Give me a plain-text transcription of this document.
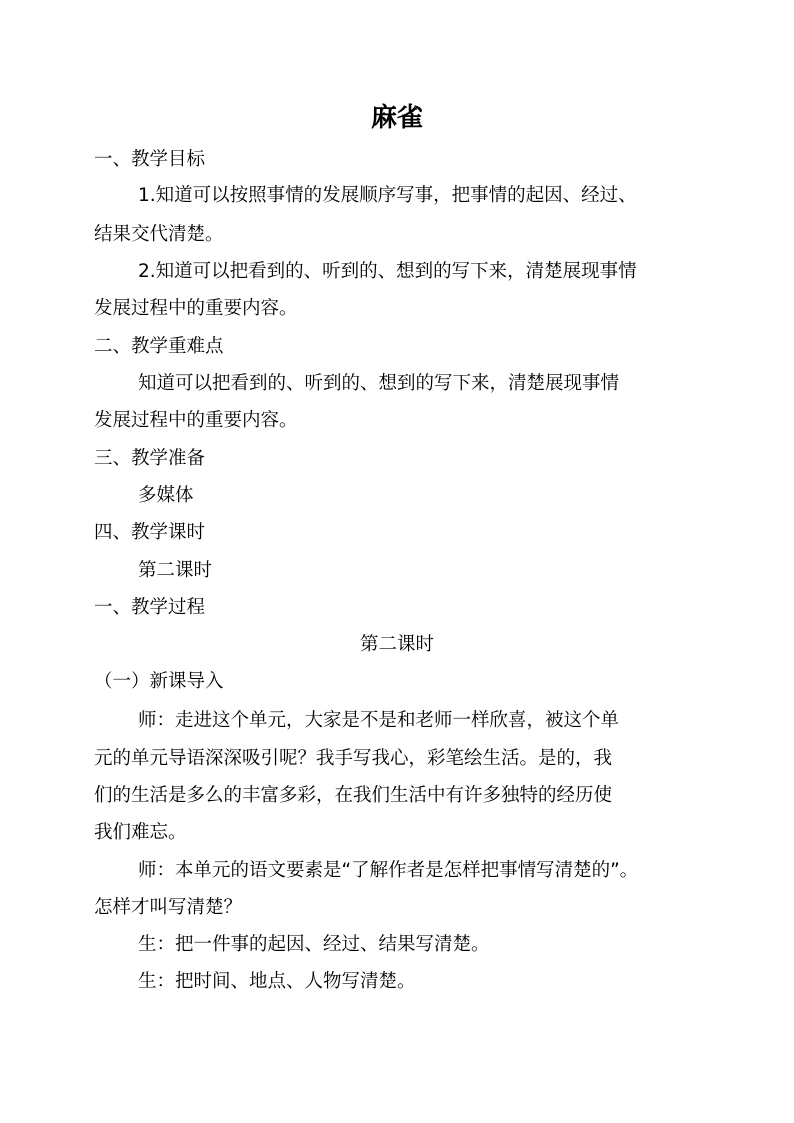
麻雀
一、教学目标
1.知道可以按照事情的发展顺序写事，把事情的起因、经过、
结果交代清楚。
2.知道可以把看到的、听到的、想到的写下来，清楚展现事情
发展过程中的重要内容。
二、教学重难点
知道可以把看到的、听到的、想到的写下来，清楚展现事情
发展过程中的重要内容。
三、教学准备
多媒体
四、教学课时
第二课时
一、教学过程
第二课时
（一）新课导入
师：走进这个单元，大家是不是和老师一样欣喜，被这个单
元的单元导语深深吸引呢？我手写我心，彩笔绘生活。是的，我
们的生活是多么的丰富多彩，在我们生活中有许多独特的经历使
我们难忘。
师：本单元的语文要素是“了解作者是怎样把事情写清楚的”。
怎样才叫写清楚？
生：把一件事的起因、经过、结果写清楚。
生：把时间、地点、人物写清楚。
